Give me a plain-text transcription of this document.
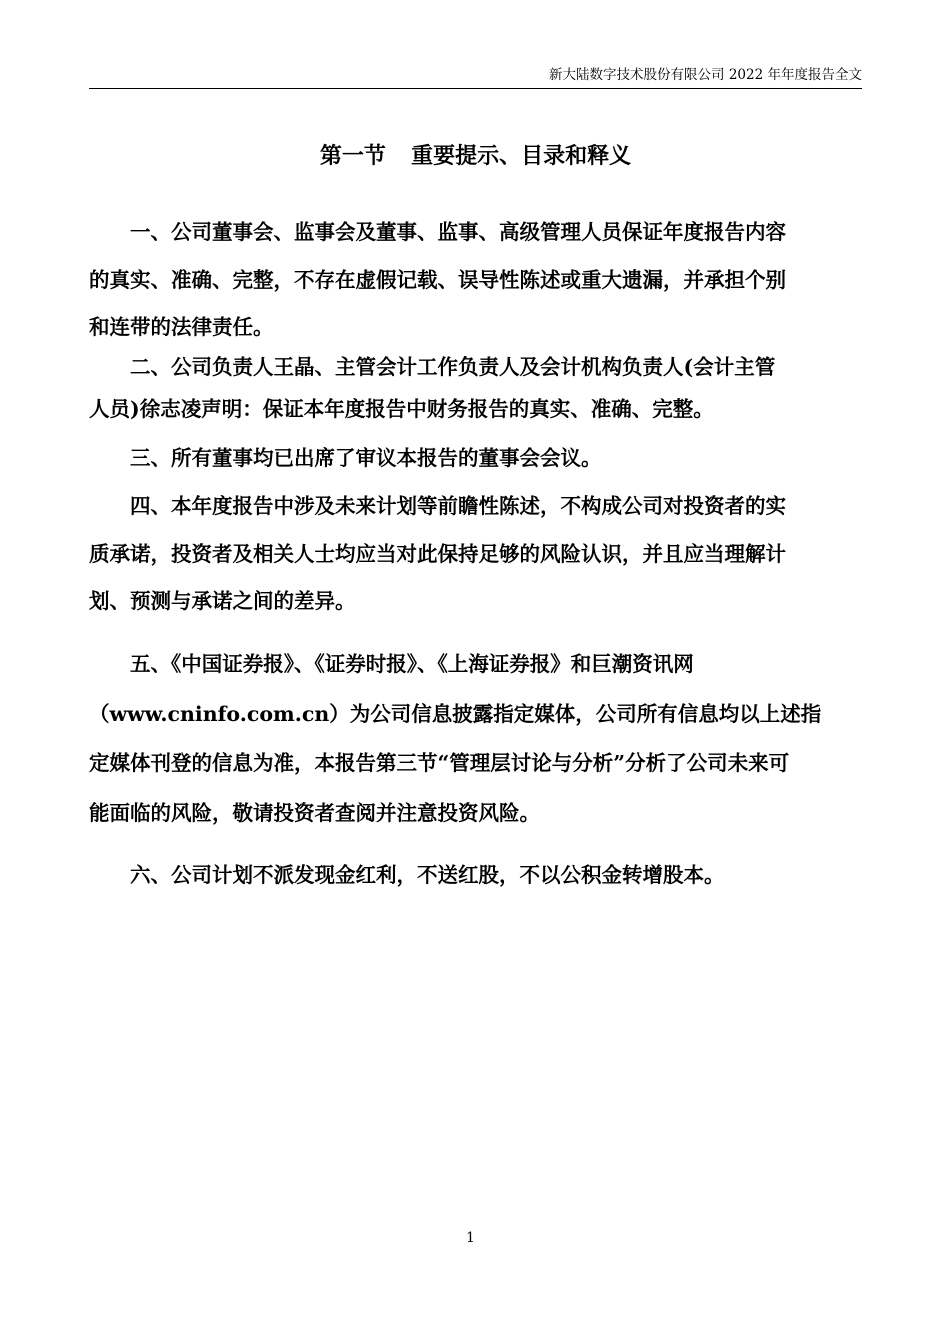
新大陆数字技术股份有限公司 2022 年年度报告全文
第一节 重要提示、目录和释义
一、公司董事会、监事会及董事、监事、高级管理人员保证年度报告内容
的真实、准确、完整，不存在虚假记载、误导性陈述或重大遗漏，并承担个别
和连带的法律责任。
二、公司负责人王晶、主管会计工作负责人及会计机构负责人(会计主管
人员)徐志凌声明：保证本年度报告中财务报告的真实、准确、完整。
三、所有董事均已出席了审议本报告的董事会会议。
四、本年度报告中涉及未来计划等前瞻性陈述，不构成公司对投资者的实
质承诺，投资者及相关人士均应当对此保持足够的风险认识，并且应当理解计
划、预测与承诺之间的差异。
五、《中国证券报》、《证券时报》、《上海证券报》和巨潮资讯网
（www.cninfo.com.cn）为公司信息披露指定媒体，公司所有信息均以上述指
定媒体刊登的信息为准，本报告第三节“管理层讨论与分析”分析了公司未来可
能面临的风险，敬请投资者查阅并注意投资风险。
六、公司计划不派发现金红利，不送红股，不以公积金转增股本。
1
